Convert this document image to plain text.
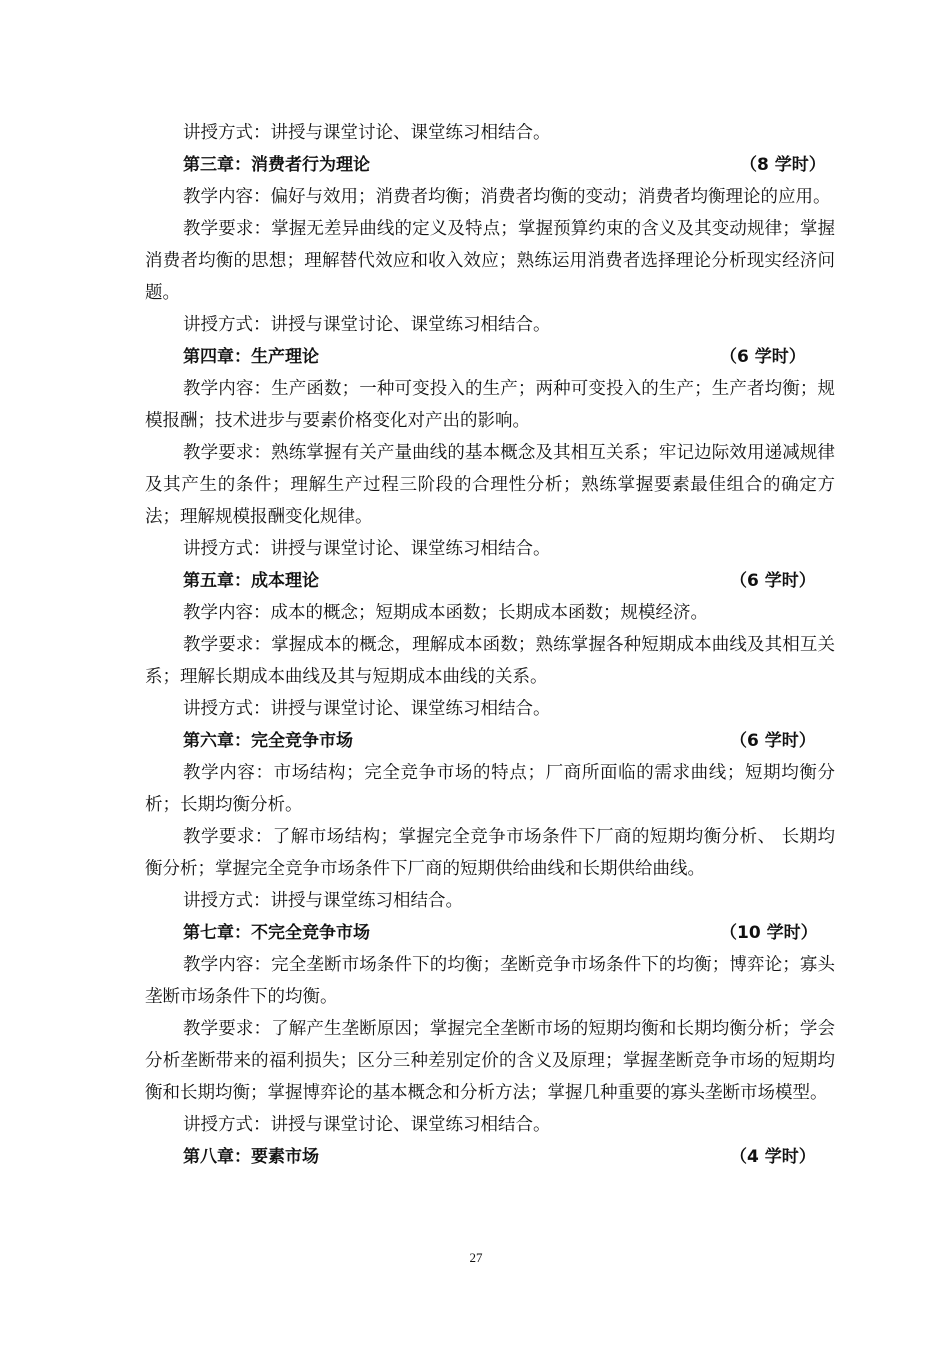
讲授方式：讲授与课堂讨论、课堂练习相结合。

第三章：消费者行为理论	（8 学时）

教学内容：偏好与效用；消费者均衡；消费者均衡的变动；消费者均衡理论的应用。

教学要求：掌握无差异曲线的定义及特点；掌握预算约束的含义及其变动规律；掌握消费者均衡的思想；理解替代效应和收入效应；熟练运用消费者选择理论分析现实经济问题。

讲授方式：讲授与课堂讨论、课堂练习相结合。

第四章：生产理论	（6 学时）

教学内容：生产函数；一种可变投入的生产；两种可变投入的生产；生产者均衡；规模报酬；技术进步与要素价格变化对产出的影响。

教学要求：熟练掌握有关产量曲线的基本概念及其相互关系；牢记边际效用递减规律及其产生的条件；理解生产过程三阶段的合理性分析；熟练掌握要素最佳组合的确定方法；理解规模报酬变化规律。

讲授方式：讲授与课堂讨论、课堂练习相结合。

第五章：成本理论	（6 学时）

教学内容：成本的概念；短期成本函数；长期成本函数；规模经济。

教学要求：掌握成本的概念，理解成本函数；熟练掌握各种短期成本曲线及其相互关系；理解长期成本曲线及其与短期成本曲线的关系。

讲授方式：讲授与课堂讨论、课堂练习相结合。

第六章：完全竞争市场	（6 学时）

教学内容：市场结构；完全竞争市场的特点；厂商所面临的需求曲线；短期均衡分析；长期均衡分析。

教学要求：了解市场结构；掌握完全竞争市场条件下厂商的短期均衡分析、 长期均衡分析；掌握完全竞争市场条件下厂商的短期供给曲线和长期供给曲线。

讲授方式：讲授与课堂练习相结合。

第七章：不完全竞争市场	（10 学时）

教学内容：完全垄断市场条件下的均衡；垄断竞争市场条件下的均衡；博弈论；寡头垄断市场条件下的均衡。

教学要求：了解产生垄断原因；掌握完全垄断市场的短期均衡和长期均衡分析；学会分析垄断带来的福利损失；区分三种差别定价的含义及原理；掌握垄断竞争市场的短期均衡和长期均衡；掌握博弈论的基本概念和分析方法；掌握几种重要的寡头垄断市场模型。

讲授方式：讲授与课堂讨论、课堂练习相结合。

第八章：要素市场	（4 学时）
27
